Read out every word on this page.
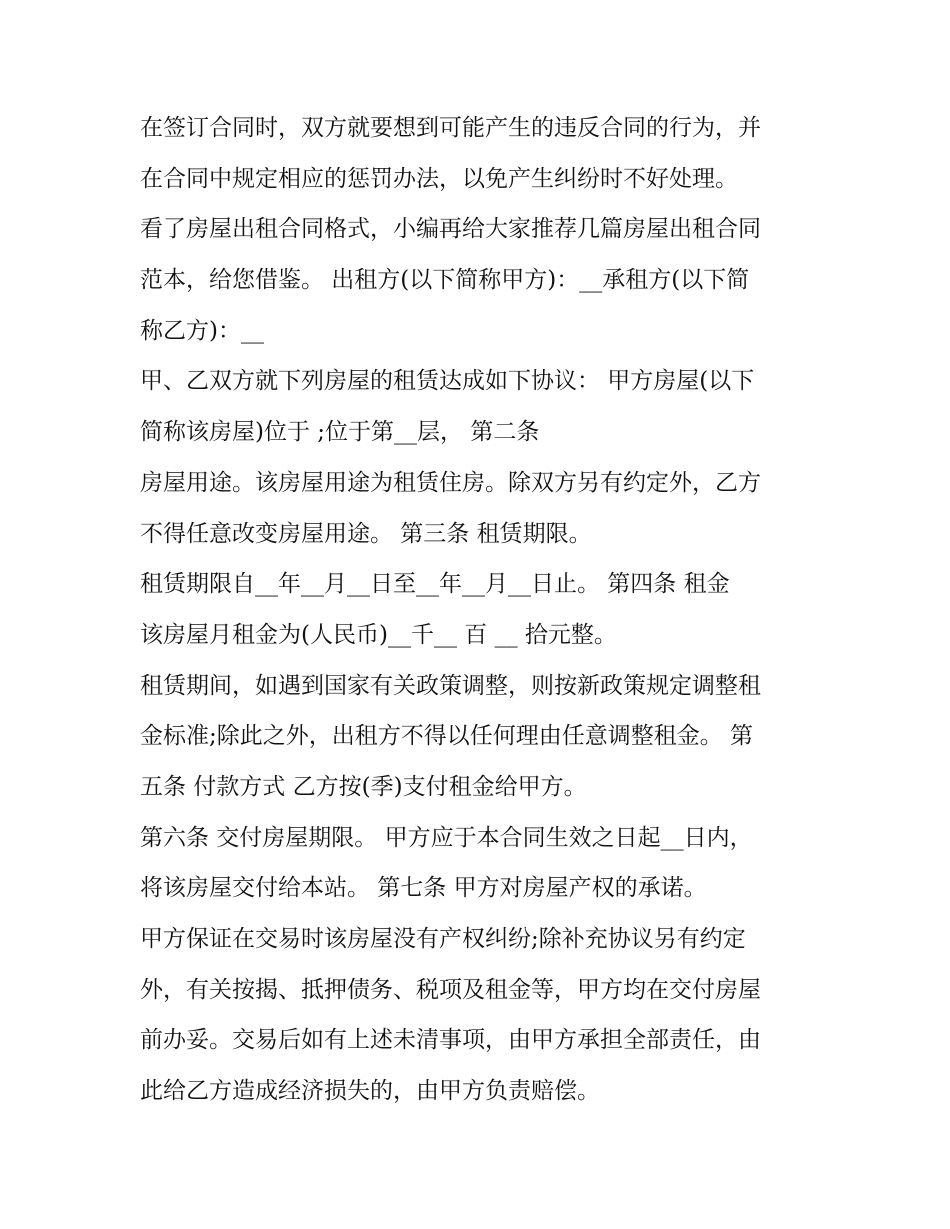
在签订合同时，双方就要想到可能产生的违反合同的行为，并
在合同中规定相应的惩罚办法，以免产生纠纷时不好处理。
看了房屋出租合同格式，小编再给大家推荐几篇房屋出租合同
范本，给您借鉴。 出租方(以下简称甲方)：__承租方(以下简
称乙方)：__
甲、乙双方就下列房屋的租赁达成如下协议： 甲方房屋(以下
简称该房屋)位于 ;位于第__层， 第二条
房屋用途。该房屋用途为租赁住房。除双方另有约定外，乙方
不得任意改变房屋用途。 第三条 租赁期限。
租赁期限自__年__月__日至__年__月__日止。 第四条 租金
该房屋月租金为(人民币)__千__ 百 __ 拾元整。
租赁期间，如遇到国家有关政策调整，则按新政策规定调整租
金标准;除此之外，出租方不得以任何理由任意调整租金。 第
五条 付款方式 乙方按(季)支付租金给甲方。
第六条 交付房屋期限。 甲方应于本合同生效之日起__日内，
将该房屋交付给本站。 第七条 甲方对房屋产权的承诺。
甲方保证在交易时该房屋没有产权纠纷;除补充协议另有约定
外，有关按揭、抵押债务、税项及租金等，甲方均在交付房屋
前办妥。交易后如有上述未清事项，由甲方承担全部责任，由
此给乙方造成经济损失的，由甲方负责赔偿。
